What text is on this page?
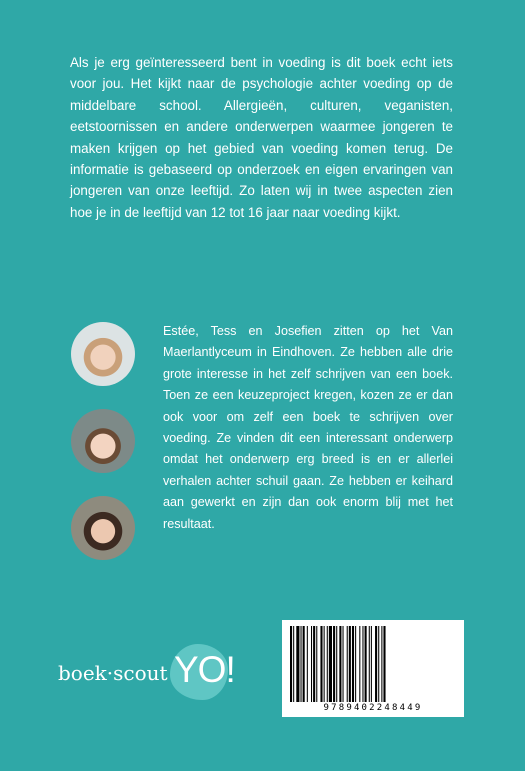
Als je erg geïnteresseerd bent in voeding is dit boek echt iets voor jou. Het kijkt naar de psychologie achter voeding op de middelbare school. Allergieën, culturen, veganisten, eetstoornissen en andere onderwerpen waarmee jongeren te maken krijgen op het gebied van voeding komen terug. De informatie is gebaseerd op onderzoek en eigen ervaringen van jongeren van onze leeftijd. Zo laten wij in twee aspecten zien hoe je in de leeftijd van 12 tot 16 jaar naar voeding kijkt.

Estée, Tess en Josefien zitten op het Van Maerlantlyceum in Eindhoven. Ze hebben alle drie grote interesse in het zelf schrijven van een boek. Toen ze een keuzeproject kregen, kozen ze er dan ook voor om zelf een boek te schrijven over voeding. Ze vinden dit een interessant onderwerp omdat het onderwerp erg breed is en er allerlei verhalen achter schuil gaan. Ze hebben er keihard aan gewerkt en zijn dan ook enorm blij met het resultaat.

boek·scout YO!
9789402248449
